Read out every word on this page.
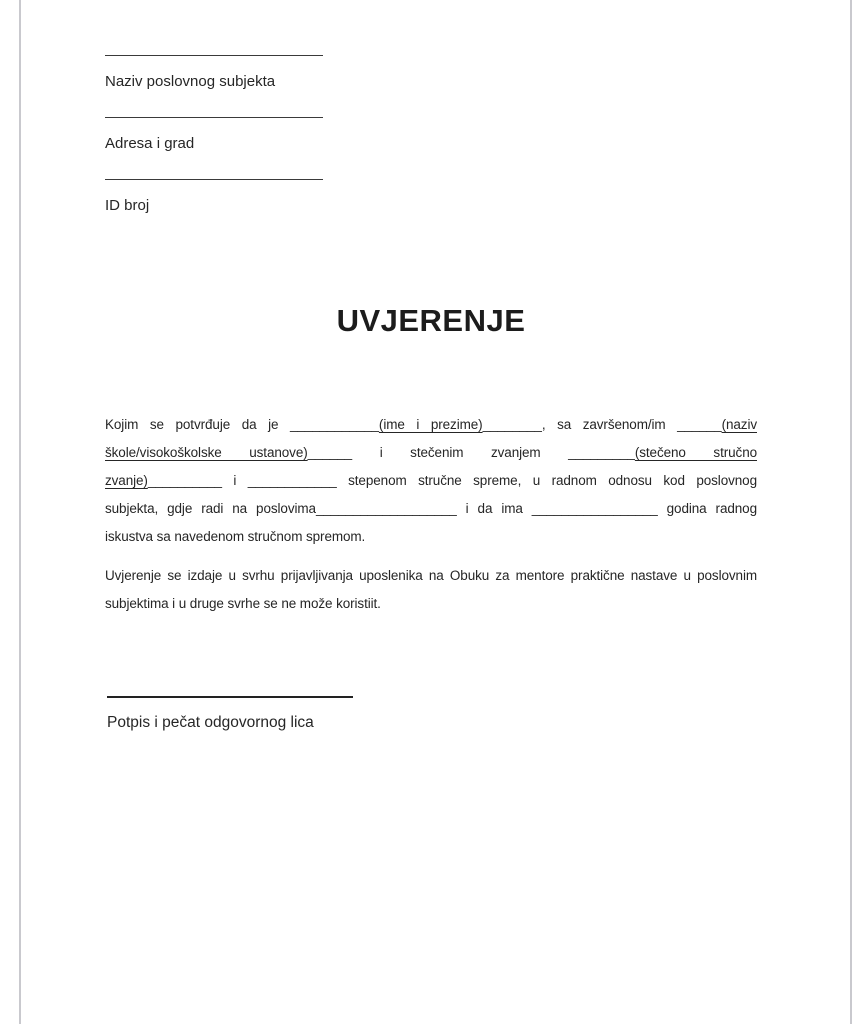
Naziv poslovnog subjekta
Adresa i grad
ID broj
UVJERENJE
Kojim se potvrđuje da je ____________(ime i prezime)________, sa završenom/im ______(naziv
škole/visokoškolske ustanove)______ i stečenim zvanjem _________(stečeno stručno
zvanje)__________ i ____________ stepenom stručne spreme, u radnom odnosu kod poslovnog
subjekta, gdje radi na poslovima___________________ i da ima _________________ godina radnog
iskustva sa navedenom stručnom spremom.
Uvjerenje se izdaje u svrhu prijavljivanja uposlenika na Obuku za mentore praktične nastave u poslovnim
subjektima i u druge svrhe se ne može koristiit.
Potpis i pečat odgovornog lica
